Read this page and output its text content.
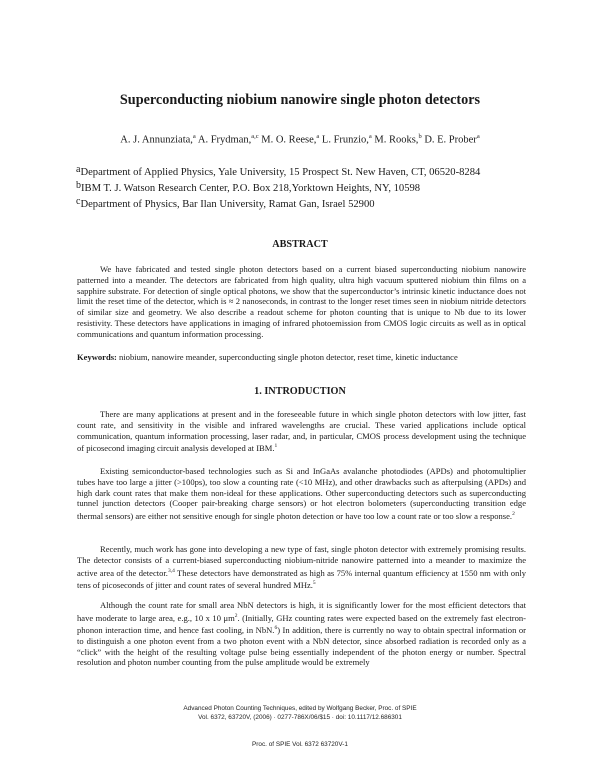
Superconducting niobium nanowire single photon detectors
A. J. Annunziata,$^a$ A. Frydman,$^{a,c}$ M. O. Reese,$^a$ L. Frunzio,$^a$ M. Rooks,$^b$ D. E. Prober$^a$
$^a$Department of Applied Physics, Yale University, 15 Prospect St. New Haven, CT, 06520-8284
$^b$IBM T. J. Watson Research Center, P.O. Box 218,Yorktown Heights, NY, 10598
$^c$Department of Physics, Bar Ilan University, Ramat Gan, Israel 52900
ABSTRACT

We have fabricated and tested single photon detectors based on a current biased superconducting niobium nanowire patterned into a meander. The detectors are fabricated from high quality, ultra high vacuum sputtered niobium thin films on a sapphire substrate. For detection of single optical photons, we show that the superconductor’s intrinsic kinetic inductance does not limit the reset time of the detector, which is ≈ 2 nanoseconds, in contrast to the longer reset times seen in niobium nitride detectors of similar size and geometry. We also describe a readout scheme for photon counting that is unique to Nb due to its lower resistivity. These detectors have applications in imaging of infrared photoemission from CMOS logic circuits as well as in optical communications and quantum information processing.

Keywords: niobium, nanowire meander, superconducting single photon detector, reset time, kinetic inductance
1. INTRODUCTION

There are many applications at present and in the foreseeable future in which single photon detectors with low jitter, fast count rate, and sensitivity in the visible and infrared wavelengths are crucial. These varied applications include optical communication, quantum information processing, laser radar, and, in particular, CMOS process development using the technique of picosecond imaging circuit analysis developed at IBM.$^1$

Existing semiconductor-based technologies such as Si and InGaAs avalanche photodiodes (APDs) and photomultiplier tubes have too large a jitter (>100ps), too slow a counting rate (<10 MHz), and other drawbacks such as afterpulsing (APDs) and high dark count rates that make them non-ideal for these applications. Other superconducting detectors such as superconducting tunnel junction detectors (Cooper pair-breaking charge sensors) or hot electron bolometers (superconducting transition edge thermal sensors) are either not sensitive enough for single photon detection or have too low a count rate or too slow a response.$^2$

Recently, much work has gone into developing a new type of fast, single photon detector with extremely promising results. The detector consists of a current-biased superconducting niobium-nitride nanowire patterned into a meander to maximize the active area of the detector.$^{3,4}$ These detectors have demonstrated as high as 75% internal quantum efficiency at 1550 nm with only tens of picoseconds of jitter and count rates of several hundred MHz.$^5$

Although the count rate for small area NbN detectors is high, it is significantly lower for the most efficient detectors that have moderate to large area, e.g., 10 x 10 $\mu m^2$. (Initially, GHz counting rates were expected based on the extremely fast electron-phonon interaction time, and hence fast cooling, in NbN.$^6$) In addition, there is currently no way to obtain spectral information or to distinguish a one photon event from a two photon event with a NbN detector, since absorbed radiation is recorded only as a “click” with the height of the resulting voltage pulse being essentially independent of the photon energy or number. Spectral resolution and photon number counting from the pulse amplitude would be extremely

Advanced Photon Counting Techniques, edited by Wolfgang Becker, Proc. of SPIE
Vol. 6372, 63720V, (2006) · 0277-786X/06/$15 · doi: 10.1117/12.686301
Proc. of SPIE Vol. 6372 63720V-1
